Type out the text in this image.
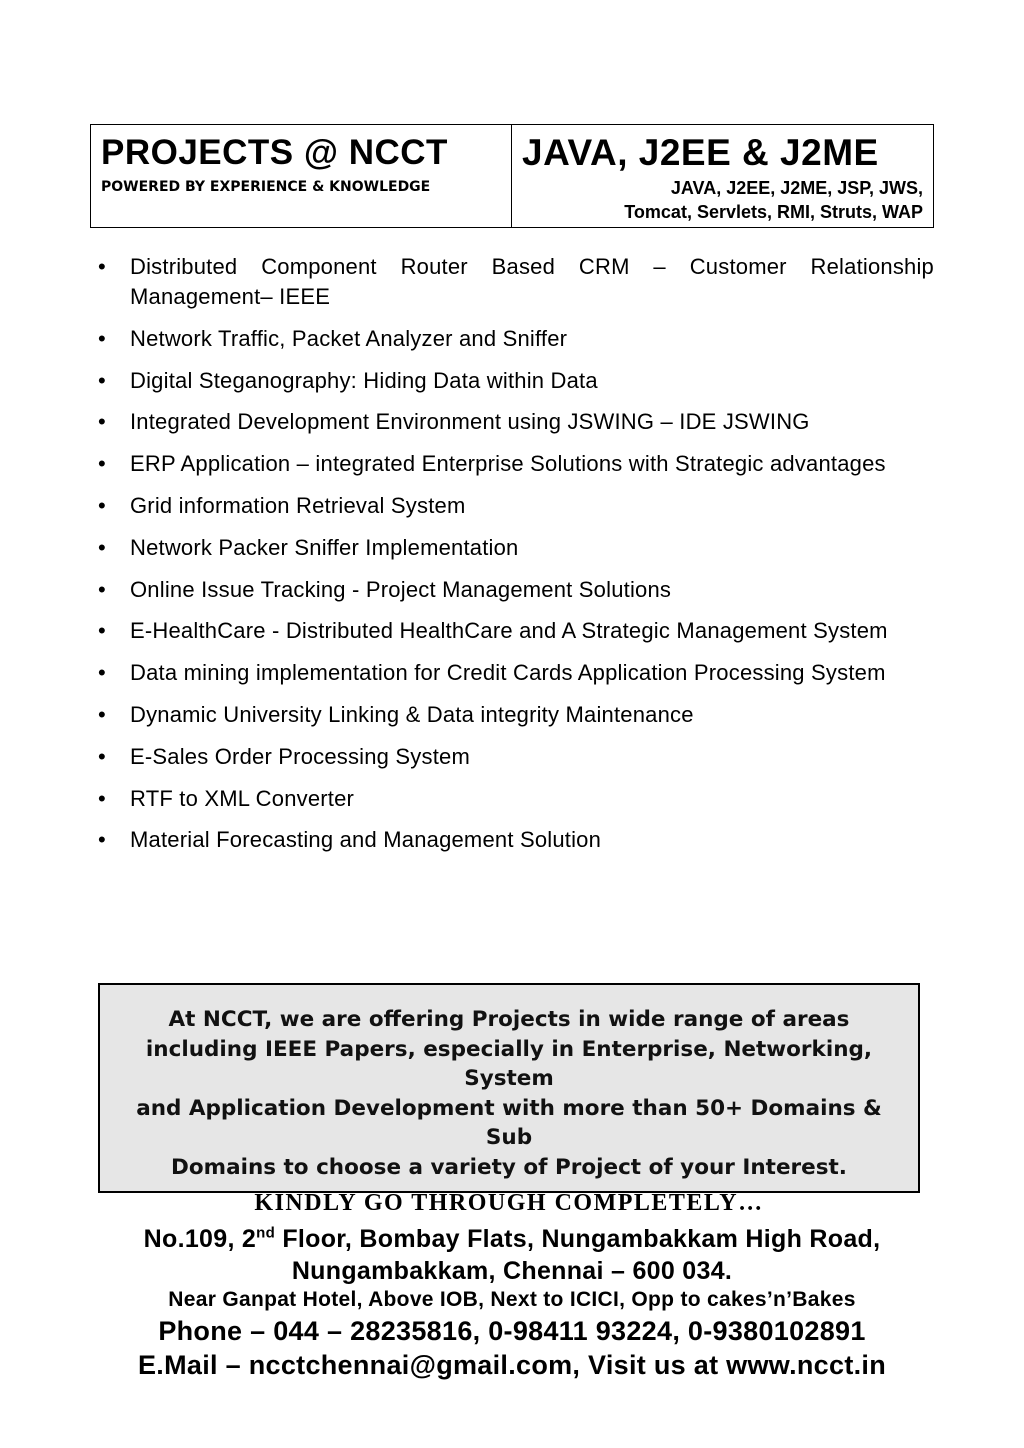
PROJECTS @ NCCT
POWERED BY EXPERIENCE & KNOWLEDGE
JAVA, J2EE & J2ME
JAVA, J2EE, J2ME, JSP, JWS,
Tomcat, Servlets, RMI, Struts, WAP
•	Distributed Component Router Based CRM – Customer Relationship Management– IEEE
•	Network Traffic, Packet Analyzer and Sniffer
•	Digital Steganography: Hiding Data within Data
•	Integrated Development Environment using JSWING – IDE JSWING
•	ERP Application – integrated Enterprise Solutions with Strategic advantages
•	Grid information Retrieval System
•	Network Packer Sniffer Implementation
•	Online Issue Tracking - Project Management Solutions
•	E-HealthCare - Distributed HealthCare and A Strategic Management System
•	Data mining implementation for Credit Cards Application Processing System
•	Dynamic University Linking & Data integrity Maintenance
•	E-Sales Order Processing System
•	RTF to XML Converter
•	Material Forecasting and Management Solution
At NCCT, we are offering Projects in wide range of areas
including IEEE Papers, especially in Enterprise, Networking, System
and Application Development with more than 50+ Domains & Sub
Domains to choose a variety of Project of your Interest.
KINDLY GO THROUGH COMPLETELY…
No.109, 2nd Floor, Bombay Flats, Nungambakkam High Road,
Nungambakkam, Chennai – 600 034.
Near Ganpat Hotel, Above IOB, Next to ICICI, Opp to cakes’n’Bakes
Phone – 044 – 28235816, 0-98411 93224, 0-9380102891
E.Mail – ncctchennai@gmail.com, Visit us at www.ncct.in
